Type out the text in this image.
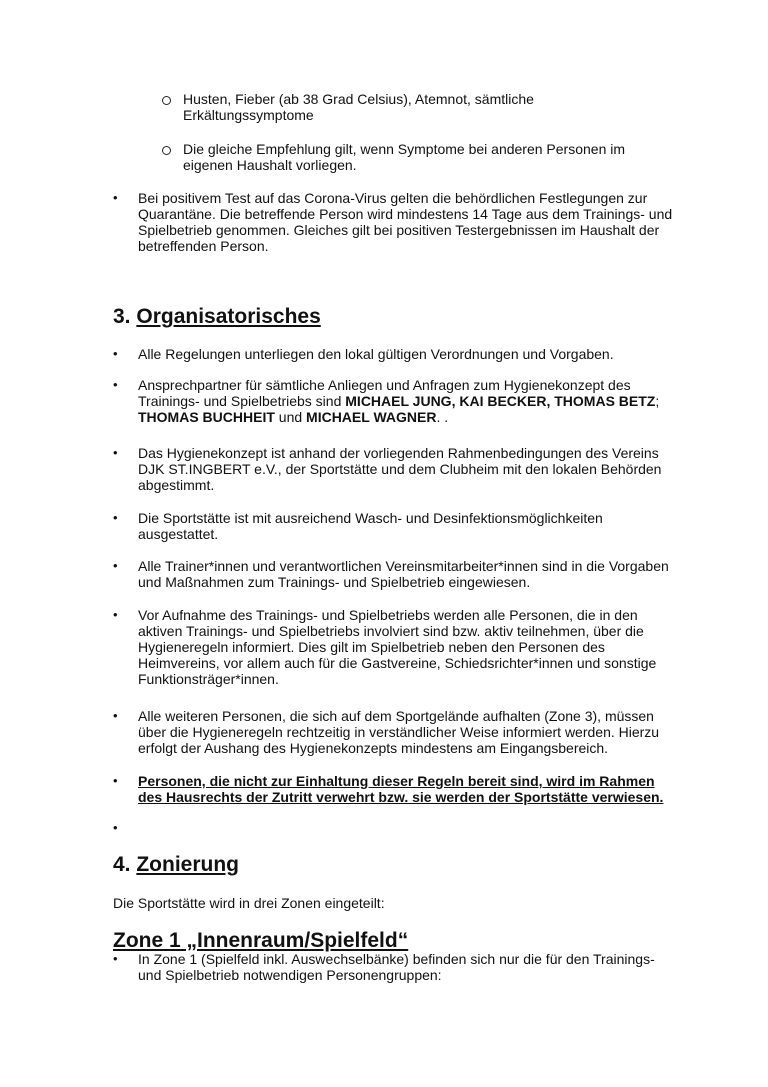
Husten, Fieber (ab 38 Grad Celsius), Atemnot, sämtliche Erkältungssymptome
Die gleiche Empfehlung gilt, wenn Symptome bei anderen Personen im eigenen Haushalt vorliegen.
• Bei positivem Test auf das Corona-Virus gelten die behördlichen Festlegungen zur Quarantäne. Die betreffende Person wird mindestens 14 Tage aus dem Trainings- und Spielbetrieb genommen. Gleiches gilt bei positiven Testergebnissen im Haushalt der betreffenden Person.
3. Organisatorisches
• Alle Regelungen unterliegen den lokal gültigen Verordnungen und Vorgaben.
• Ansprechpartner für sämtliche Anliegen und Anfragen zum Hygienekonzept des Trainings- und Spielbetriebs sind MICHAEL JUNG, KAI BECKER, THOMAS BETZ; THOMAS BUCHHEIT und MICHAEL WAGNER. .
• Das Hygienekonzept ist anhand der vorliegenden Rahmenbedingungen des Vereins DJK ST.INGBERT e.V., der Sportstätte und dem Clubheim mit den lokalen Behörden abgestimmt.
• Die Sportstätte ist mit ausreichend Wasch- und Desinfektionsmöglichkeiten ausgestattet.
• Alle Trainer*innen und verantwortlichen Vereinsmitarbeiter*innen sind in die Vorgaben und Maßnahmen zum Trainings- und Spielbetrieb eingewiesen.
• Vor Aufnahme des Trainings- und Spielbetriebs werden alle Personen, die in den aktiven Trainings- und Spielbetriebs involviert sind bzw. aktiv teilnehmen, über die Hygieneregeln informiert. Dies gilt im Spielbetrieb neben den Personen des Heimvereins, vor allem auch für die Gastvereine, Schiedsrichter*innen und sonstige Funktionsträger*innen.
• Alle weiteren Personen, die sich auf dem Sportgelände aufhalten (Zone 3), müssen über die Hygieneregeln rechtzeitig in verständlicher Weise informiert werden. Hierzu erfolgt der Aushang des Hygienekonzepts mindestens am Eingangsbereich.
• Personen, die nicht zur Einhaltung dieser Regeln bereit sind, wird im Rahmen des Hausrechts der Zutritt verwehrt bzw. sie werden der Sportstätte verwiesen.
•
4. Zonierung
Die Sportstätte wird in drei Zonen eingeteilt:
Zone 1 „Innenraum/Spielfeld“
• In Zone 1 (Spielfeld inkl. Auswechselbänke) befinden sich nur die für den Trainings- und Spielbetrieb notwendigen Personengruppen:
